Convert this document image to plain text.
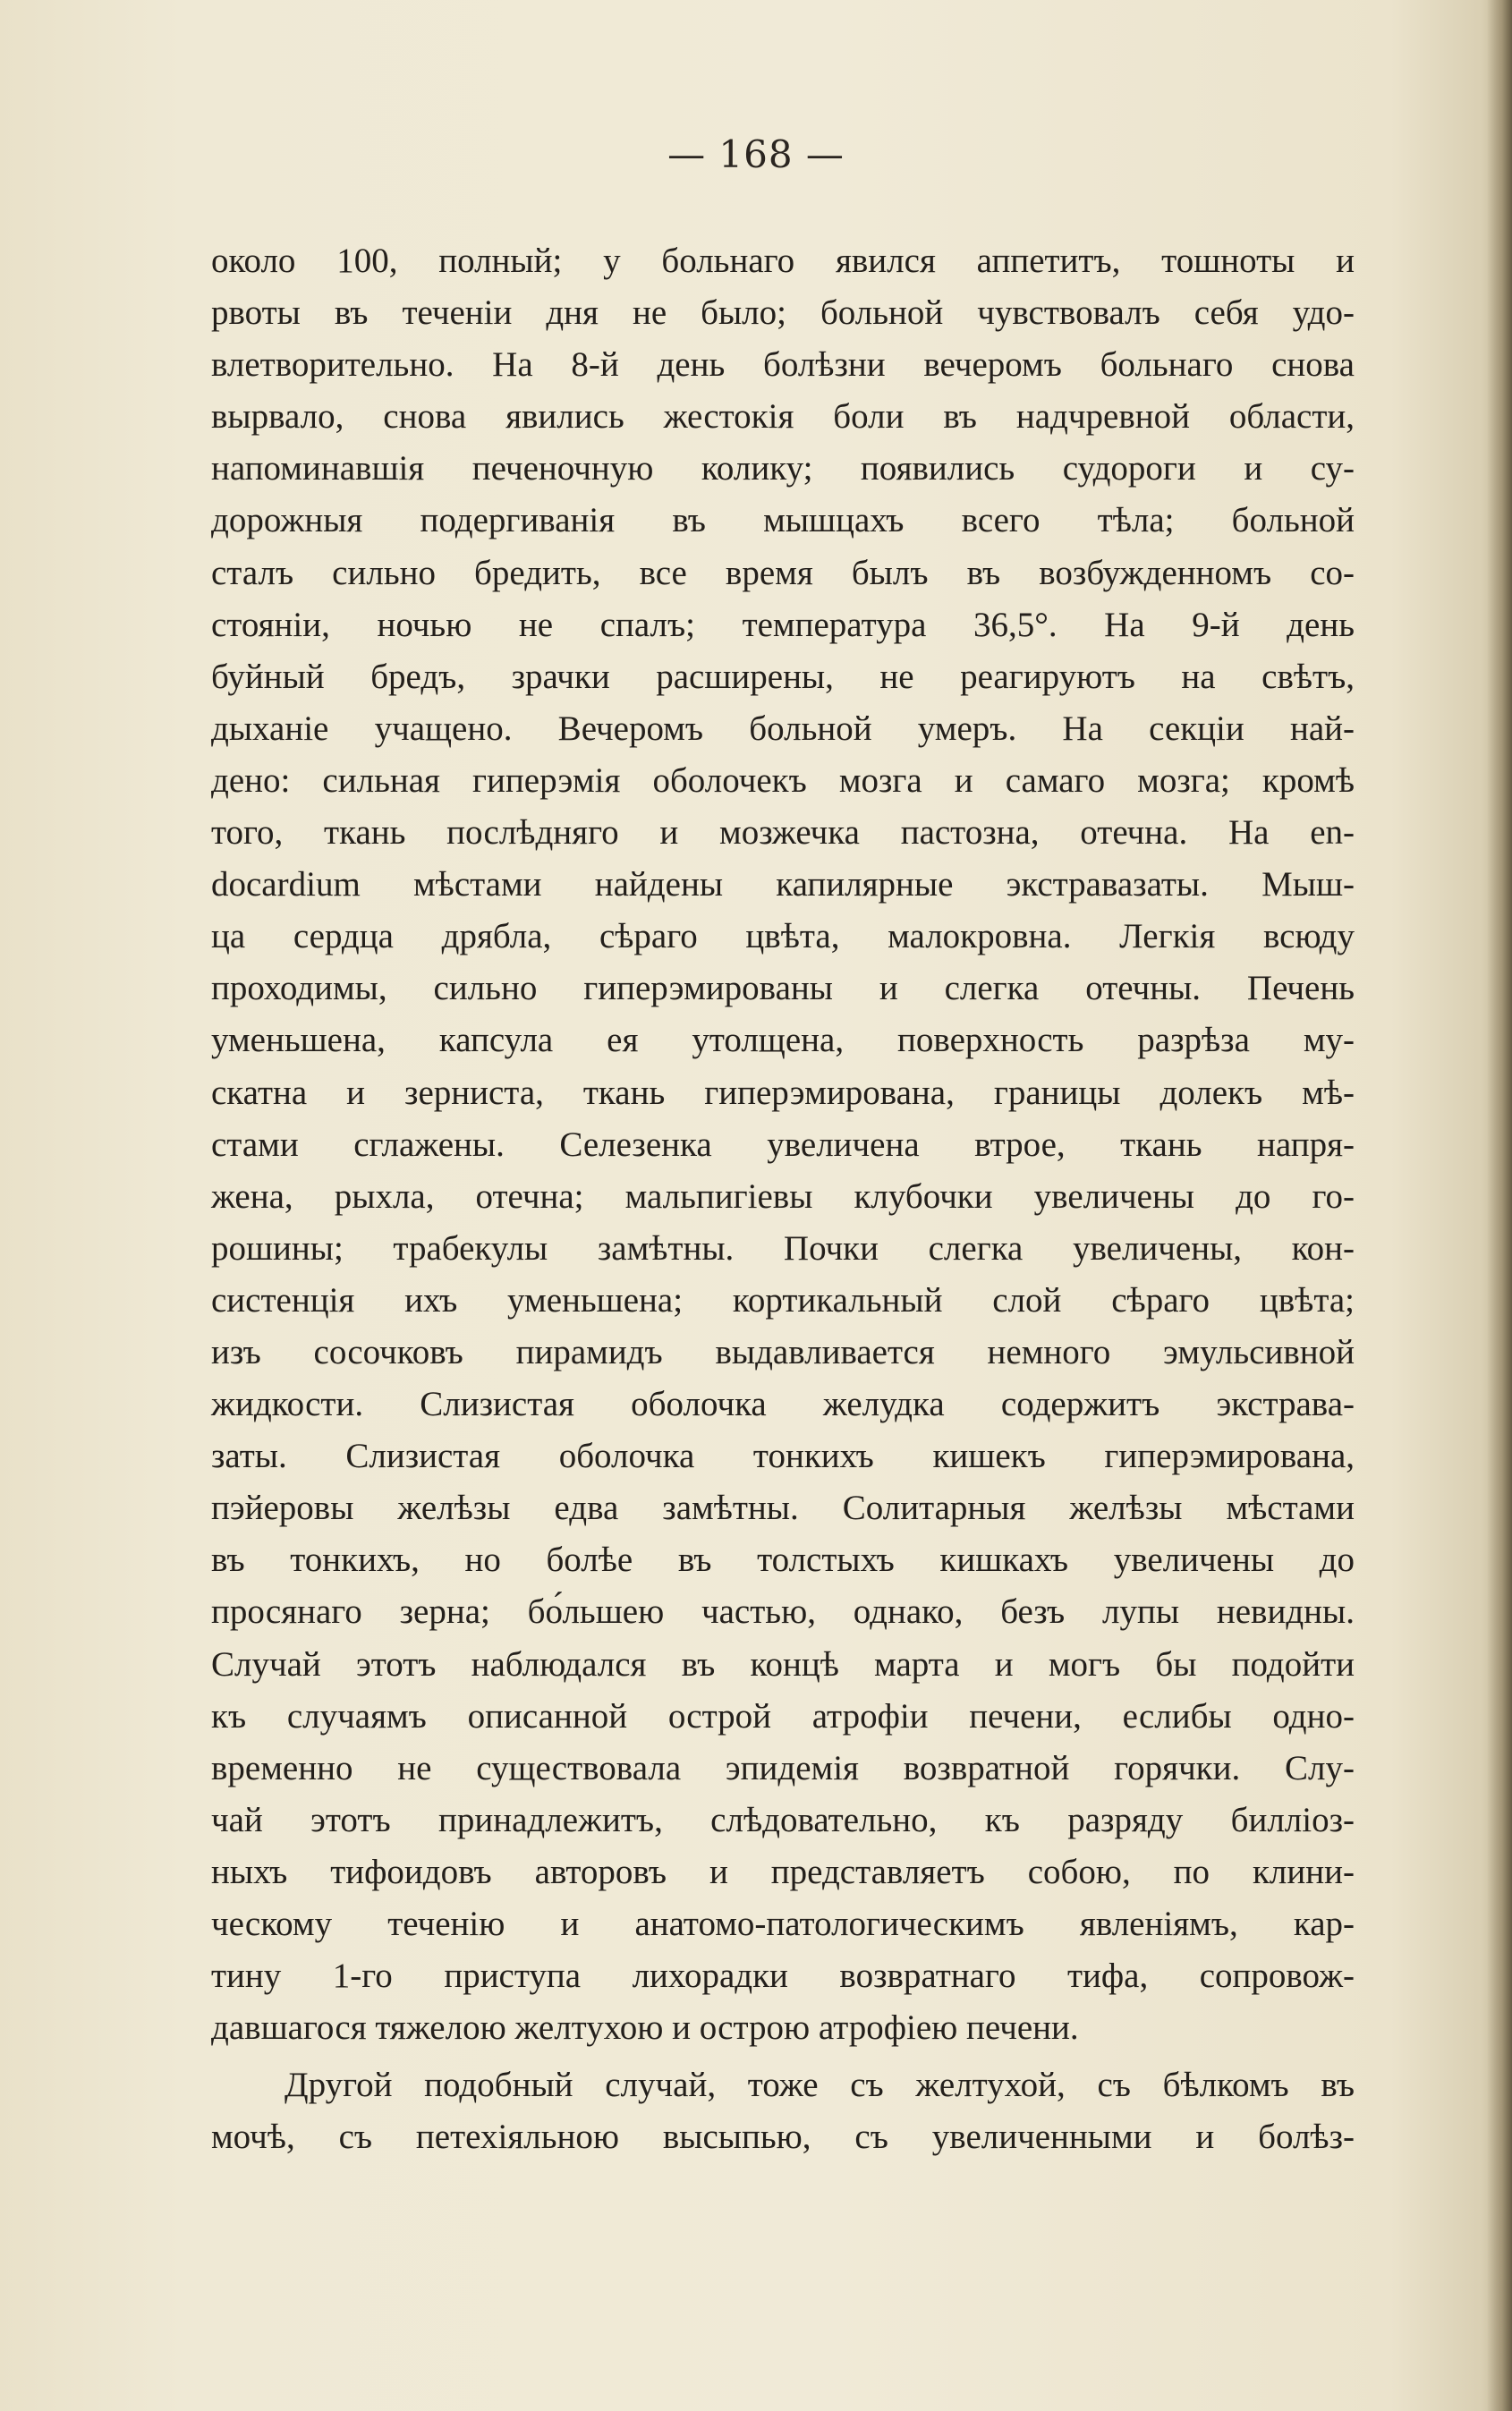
— 168 —
около 100, полный; у больнаго явился аппетитъ, тошноты и
рвоты въ теченіи дня не было; больной чувствовалъ себя удо-
влетворительно. На 8-й день болѣзни вечеромъ больнаго снова
вырвало, снова явились жестокія боли въ надчревной области,
напоминавшія печеночную колику; появились судороги и су-
дорожныя подергиванія въ мышцахъ всего тѣла; больной
сталъ сильно бредить, все время былъ въ возбужденномъ со-
стояніи, ночью не спалъ; температура 36,5°. На 9-й день
буйный бредъ, зрачки расширены, не реагируютъ на свѣтъ,
дыханіе учащено. Вечеромъ больной умеръ. На секціи най-
дено: сильная гиперэмія оболочекъ мозга и самаго мозга; кромѣ
того, ткань послѣдняго и мозжечка пастозна, отечна. На en-
docardium мѣстами найдены капилярные экстравазаты. Мыш-
ца сердца дрябла, сѣраго цвѣта, малокровна. Легкія всюду
проходимы, сильно гиперэмированы и слегка отечны. Печень
уменьшена, капсула ея утолщена, поверхность разрѣза му-
скатна и зерниста, ткань гиперэмирована, границы долекъ мѣ-
стами сглажены. Селезенка увеличена втрое, ткань напря-
жена, рыхла, отечна; мальпигіевы клубочки увеличены до го-
рошины; трабекулы замѣтны. Почки слегка увеличены, кон-
систенція ихъ уменьшена; кортикальный слой сѣраго цвѣта;
изъ сосочковъ пирамидъ выдавливается немного эмульсивной
жидкости. Слизистая оболочка желудка содержитъ экстрава-
заты. Слизистая оболочка тонкихъ кишекъ гиперэмирована,
пэйеровы желѣзы едва замѣтны. Солитарныя желѣзы мѣстами
въ тонкихъ, но болѣе въ толстыхъ кишкахъ увеличены до
просянаго зерна; бо́льшею частью, однако, безъ лупы невидны.
Случай этотъ наблюдался въ концѣ марта и могъ бы подойти
къ случаямъ описанной острой атрофіи печени, еслибы одно-
временно не существовала эпидемія возвратной горячки. Слу-
чай этотъ принадлежитъ, слѣдовательно, къ разряду билліоз-
ныхъ тифоидовъ авторовъ и представляетъ собою, по клини-
ческому теченію и анатомо-патологическимъ явленіямъ, кар-
тину 1-го приступа лихорадки возвратнаго тифа, сопровож-
давшагося тяжелою желтухою и острою атрофіею печени.
Другой подобный случай, тоже съ желтухой, съ бѣлкомъ въ
мочѣ, съ петехіяльною высыпью, съ увеличенными и болѣз-
